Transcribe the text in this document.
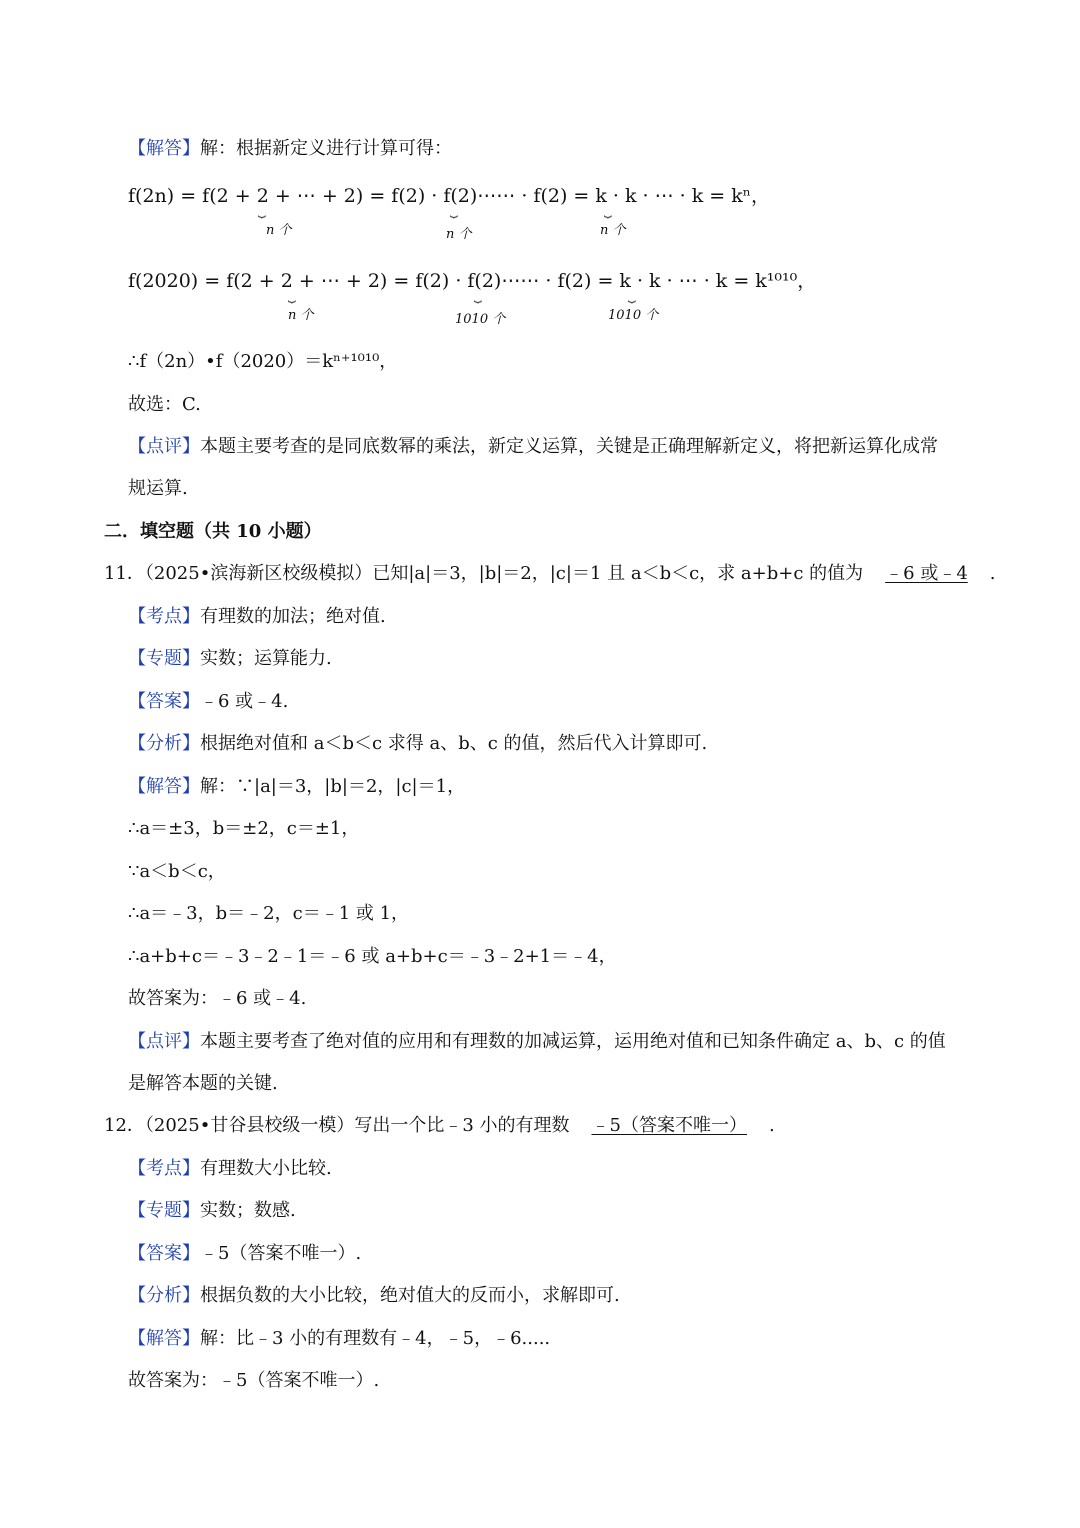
【解答】解：根据新定义进行计算可得：
f(2n) = f(2 + 2 + ⋯ + 2) = f(2) · f(2)⋯⋯ · f(2) = k · k · ⋯ · k = kⁿ，
⏟
n 个
⏟
n 个
⏟
n 个
f(2020) = f(2 + 2 + ⋯ + 2) = f(2) · f(2)⋯⋯ · f(2) = k · k · ⋯ · k = k¹⁰¹⁰，
⏟
n 个
⏟
1010 个
⏟
1010 个
∴f（2n）•f（2020）＝kⁿ⁺¹⁰¹⁰，
故选：C.
【点评】本题主要考查的是同底数幂的乘法，新定义运算，关键是正确理解新定义，将把新运算化成常
规运算.
二．填空题（共 10 小题）
11．（2025•滨海新区校级模拟）已知|a|＝3，|b|＝2，|c|＝1 且 a＜b＜c，求 a+b+c 的值为 ﹣6 或﹣4 .
【考点】有理数的加法；绝对值.
【专题】实数；运算能力.
【答案】﹣6 或﹣4.
【分析】根据绝对值和 a＜b＜c 求得 a、b、c 的值，然后代入计算即可.
【解答】解：∵|a|＝3，|b|＝2，|c|＝1，
∴a＝±3，b＝±2，c＝±1，
∵a＜b＜c，
∴a＝﹣3，b＝﹣2，c＝﹣1 或 1，
∴a+b+c＝﹣3﹣2﹣1＝﹣6 或 a+b+c＝﹣3﹣2+1＝﹣4，
故答案为：﹣6 或﹣4.
【点评】本题主要考查了绝对值的应用和有理数的加减运算，运用绝对值和已知条件确定 a、b、c 的值
是解答本题的关键.
12．（2025•甘谷县校级一模）写出一个比﹣3 小的有理数 ﹣5（答案不唯一） .
【考点】有理数大小比较.
【专题】实数；数感.
【答案】﹣5（答案不唯一）.
【分析】根据负数的大小比较，绝对值大的反而小，求解即可.
【解答】解：比﹣3 小的有理数有﹣4，﹣5，﹣6.....
故答案为：﹣5（答案不唯一）.
